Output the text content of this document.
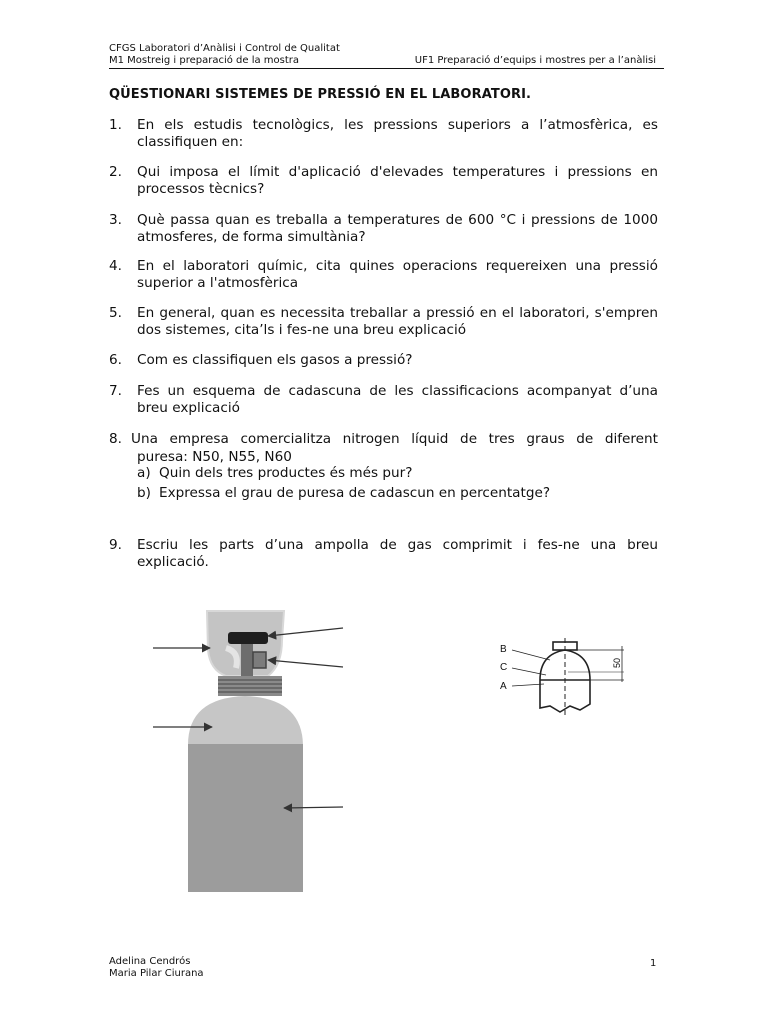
CFGS Laboratori d’Anàlisi i Control de Qualitat
M1 Mostreig i preparació de la mostra	UF1 Preparació d’equips i mostres per a l’anàlisi
QÜESTIONARI SISTEMES DE PRESSIÓ EN EL LABORATORI.
1.	En els estudis tecnològics, les pressions superiors a l’atmosfèrica, es classifiquen en:
2.	Qui imposa el límit d'aplicació d'elevades temperatures i pressions en processos tècnics?
3.	Què passa quan es treballa a temperatures de 600 °C i pressions de 1000 atmosferes, de forma simultània?
4.	En el laboratori químic, cita quines operacions requereixen una pressió superior a l'atmosfèrica
5.	En general, quan es necessita treballar a pressió en el laboratori, s'empren dos sistemes, cita’ls i fes-ne una breu explicació
6.	Com es classifiquen els gasos a pressió?
7.	Fes un esquema de cadascuna de les classificacions acompanyat d’una breu explicació
8. Una empresa comercialitza nitrogen líquid de tres graus de diferent
puresa: N50, N55, N60
a) Quin dels tres productes és més pur?
b) Expressa el grau de puresa de cadascun en percentatge?
9.	Escriu les parts d’una ampolla de gas comprimit i fes-ne una breu explicació.
B
C
A
50
Adelina Cendrós
Maria Pilar Ciurana
1
